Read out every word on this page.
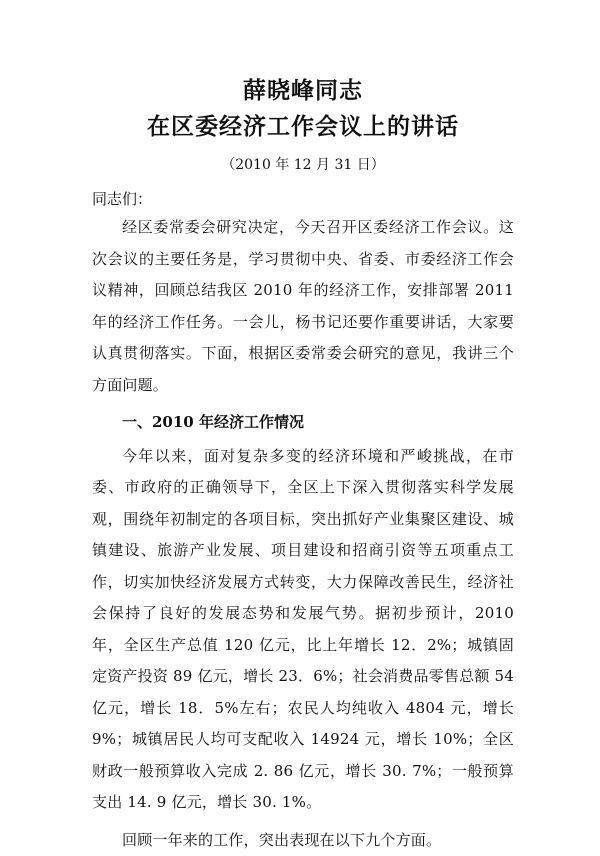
薛晓峰同志
在区委经济工作会议上的讲话
（2010 年 12 月 31 日）
同志们：

经区委常委会研究决定，今天召开区委经济工作会议。这次会议的主要任务是，学习贯彻中央、省委、市委经济工作会议精神，回顾总结我区 2010 年的经济工作，安排部署 2011 年的经济工作任务。一会儿，杨书记还要作重要讲话，大家要认真贯彻落实。下面，根据区委常委会研究的意见，我讲三个方面问题。

一、2010 年经济工作情况

今年以来，面对复杂多变的经济环境和严峻挑战，在市委、市政府的正确领导下，全区上下深入贯彻落实科学发展观，围绕年初制定的各项目标，突出抓好产业集聚区建设、城镇建设、旅游产业发展、项目建设和招商引资等五项重点工作，切实加快经济发展方式转变，大力保障改善民生，经济社会保持了良好的发展态势和发展气势。据初步预计，2010 年，全区生产总值 120 亿元，比上年增长 12．2%；城镇固定资产投资 89 亿元，增长 23．6%；社会消费品零售总额 54 亿元，增长 18．5%左右；农民人均纯收入 4804 元，增长 9%；城镇居民人均可支配收入 14924 元，增长 10%；全区财政一般预算收入完成 2. 86 亿元，增长 30. 7%；一般预算支出 14. 9 亿元，增长 30. 1%。

回顾一年来的工作，突出表现在以下九个方面。
